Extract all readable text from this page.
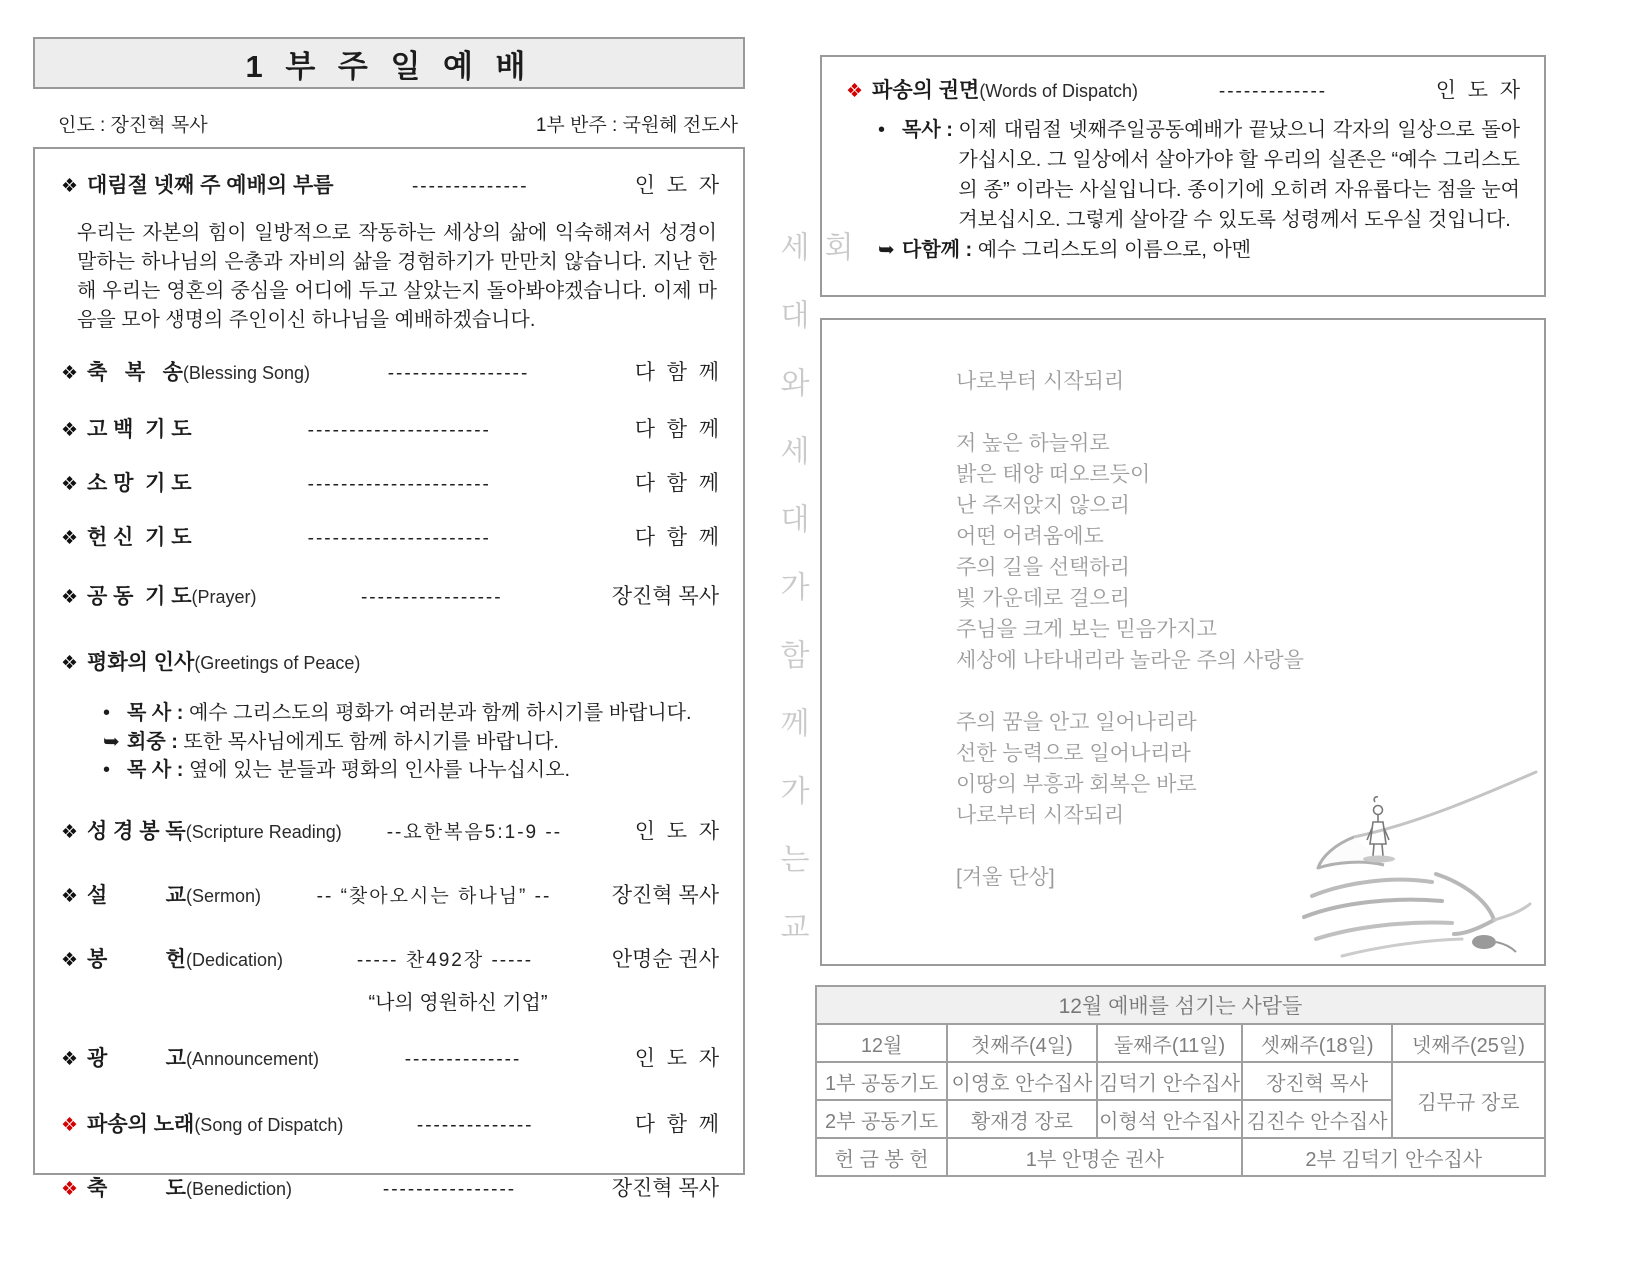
1 부 주 일 예 배
인도 : 장진혁 목사	1부 반주 : 국원혜 전도사
❖ 대림절 넷째 주 예배의 부름	--------------	인  도  자
우리는 자본의 힘이 일방적으로 작동하는 세상의 삶에 익숙해져서 성경이 말하는 하나님의 은총과 자비의 삶을 경험하기가 만만치 않습니다. 지난 한 해 우리는 영혼의 중심을 어디에 두고 살았는지 돌아봐야겠습니다. 이제 마음을 모아 생명의 주인이신 하나님을 예배하겠습니다.
❖ 축   복   송(Blessing Song)	-----------------	다  함  께
❖ 고 백  기 도	----------------------	다  함  께
❖ 소 망  기 도	----------------------	다  함  께
❖ 헌 신  기 도	----------------------	다  함  께
❖ 공 동  기 도(Prayer)	-----------------	장진혁 목사
❖ 평화의 인사(Greetings of Peace)
• 목 사 : 예수 그리스도의 평화가 여러분과 함께 하시기를 바랍니다.
➥ 회중 : 또한 목사님에게도 함께 하시기를 바랍니다.
• 목 사 : 옆에 있는 분들과 평화의 인사를 나누십시오.
❖ 성 경 봉 독(Scripture Reading)	--요한복음5:1-9 --	인  도  자
❖ 설          교(Sermon)	-- “찾아오시는 하나님” --	장진혁 목사
❖ 봉          헌(Dedication)	----- 찬492장 -----	안명순 권사
“나의 영원하신 기업”
❖ 광          고(Announcement)	--------------	인  도  자
❖ 파송의 노래(Song of Dispatch)	--------------	다  함  께
❖ 축          도(Benediction)	----------------	장진혁 목사
세대와세대가함께가는교회
❖ 파송의 권면(Words of Dispatch)	-------------	인  도  자
• 목사 : 이제 대림절 넷째주일공동예배가 끝났으니 각자의 일상으로 돌아가십시오. 그 일상에서 살아가야 할 우리의 실존은 “예수 그리스도의 종” 이라는 사실입니다. 종이기에 오히려 자유롭다는 점을 눈여겨보십시오. 그렇게 살아갈 수 있도록 성령께서 도우실 것입니다.
➥ 다함께 : 예수 그리스도의 이름으로, 아멘
나로부터 시작되리
저 높은 하늘위로
밝은 태양 떠오르듯이
난 주저앉지 않으리
어떤 어려움에도
주의 길을 선택하리
빛 가운데로 걸으리
주님을 크게 보는 믿음가지고
세상에 나타내리라 놀라운 주의 사랑을
주의 꿈을 안고 일어나리라
선한 능력으로 일어나리라
이땅의 부흥과 회복은 바로
나로부터 시작되리
[겨울 단상]
12월 예배를 섬기는 사람들				
12월	첫째주(4일)	둘째주(11일)	셋째주(18일)	넷째주(25일)
1부 공동기도	이영호 안수집사	김덕기 안수집사	장진혁 목사	김무규 장로
2부 공동기도	황재경 장로	이형석 안수집사	김진수 안수집사	
헌 금 봉 헌	1부 안명순 권사		2부 김덕기 안수집사	
